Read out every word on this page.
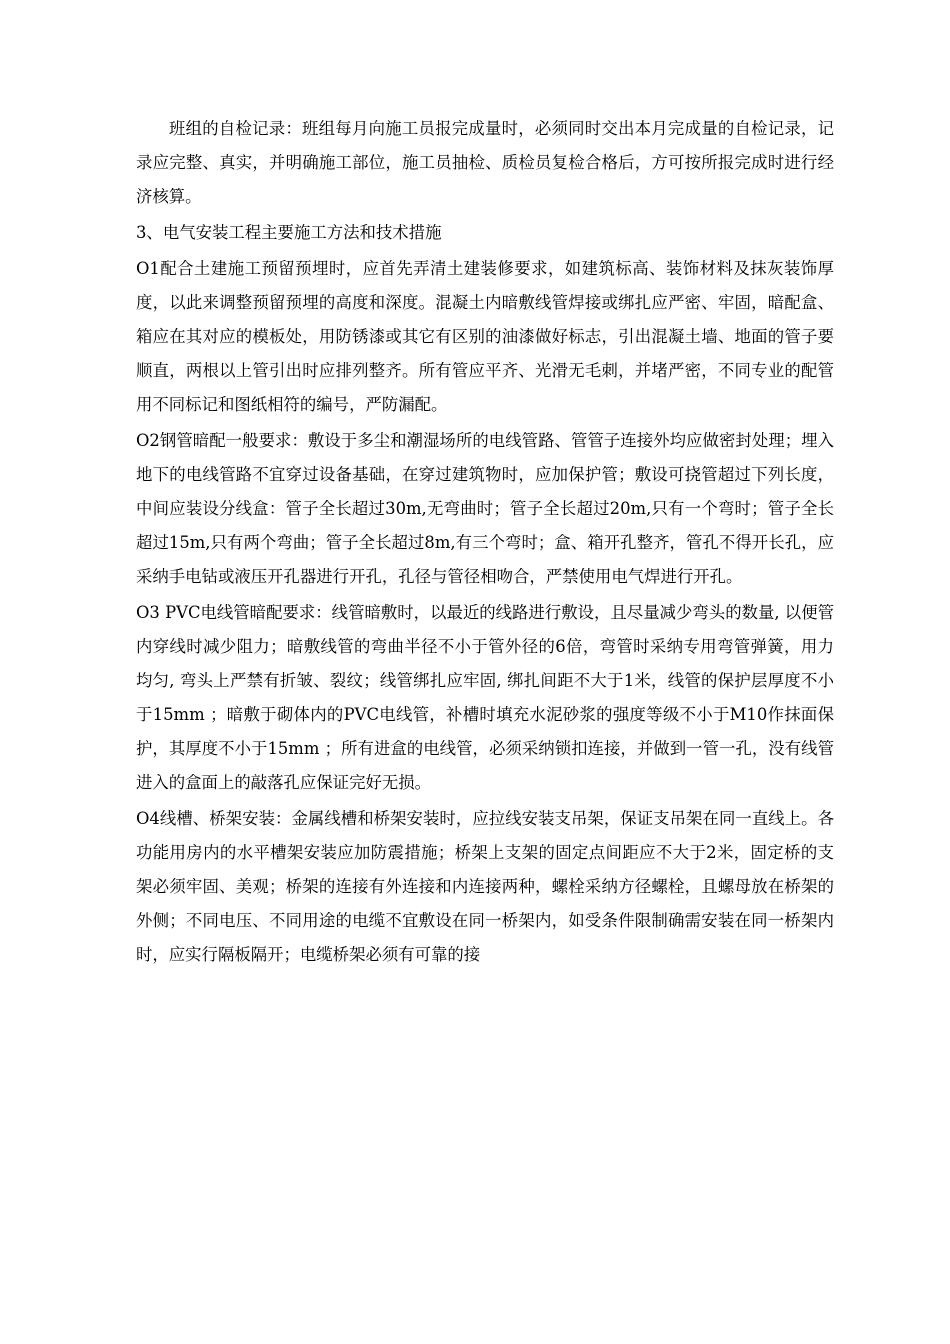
班组的自检记录：班组每月向施工员报完成量时，必须同时交出本月完成量的自检记录，记录应完整、真实，并明确施工部位，施工员抽检、质检员复检合格后，方可按所报完成时进行经济核算。

3、电气安装工程主要施工方法和技术措施

O1配合土建施工预留预埋时，应首先弄清土建装修要求，如建筑标高、装饰材料及抹灰装饰厚度，以此来调整预留预埋的高度和深度。混凝土内暗敷线管焊接或绑扎应严密、牢固，暗配盒、箱应在其对应的模板处，用防锈漆或其它有区别的油漆做好标志，引出混凝土墙、地面的管子要顺直，两根以上管引出时应排列整齐。所有管应平齐、光滑无毛刺，并堵严密，不同专业的配管用不同标记和图纸相符的编号，严防漏配。

O2钢管暗配一般要求：敷设于多尘和潮湿场所的电线管路、管管子连接外均应做密封处理；埋入地下的电线管路不宜穿过设备基础，在穿过建筑物时，应加保护管；敷设可挠管超过下列长度，中间应装设分线盒：管子全长超过30m,无弯曲时；管子全长超过20m,只有一个弯时；管子全长超过15m,只有两个弯曲；管子全长超过8m,有三个弯时；盒、箱开孔整齐，管孔不得开长孔，应采纳手电钻或液压开孔器进行开孔，孔径与管径相吻合，严禁使用电气焊进行开孔。

O3 PVC电线管暗配要求：线管暗敷时，以最近的线路进行敷设，且尽量减少弯头的数量, 以便管内穿线时减少阻力；暗敷线管的弯曲半径不小于管外径的6倍，弯管时采纳专用弯管弹簧，用力均匀, 弯头上严禁有折皱、裂纹；线管绑扎应牢固, 绑扎间距不大于1米，线管的保护层厚度不小于15mm ；暗敷于砌体内的PVC电线管，补槽时填充水泥砂浆的强度等级不小于M10作抹面保护，其厚度不小于15mm ；所有进盒的电线管，必须采纳锁扣连接，并做到一管一孔，没有线管进入的盒面上的敲落孔应保证完好无损。

O4线槽、桥架安装：金属线槽和桥架安装时，应拉线安装支吊架，保证支吊架在同一直线上。各功能用房内的水平槽架安装应加防震措施；桥架上支架的固定点间距应不大于2米，固定桥的支架必须牢固、美观；桥架的连接有外连接和内连接两种，螺栓采纳方径螺栓，且螺母放在桥架的外侧；不同电压、不同用途的电缆不宜敷设在同一桥架内，如受条件限制确需安装在同一桥架内时，应实行隔板隔开；电缆桥架必须有可靠的接
